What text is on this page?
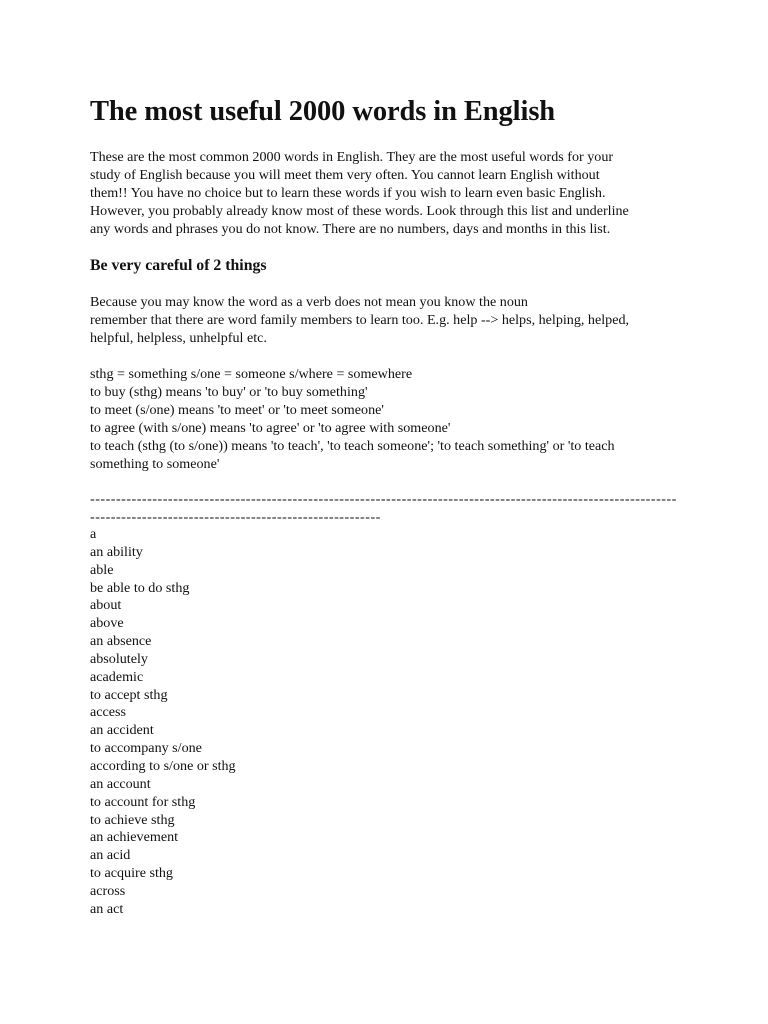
The most useful 2000 words in English
These are the most common 2000 words in English. They are the most useful words for your
study of English because you will meet them very often. You cannot learn English without
them!! You have no choice but to learn these words if you wish to learn even basic English.
However, you probably already know most of these words. Look through this list and underline
any words and phrases you do not know. There are no numbers, days and months in this list.
Be very careful of 2 things
Because you may know the word as a verb does not mean you know the noun
remember that there are word family members to learn too. E.g. help --> helps, helping, helped,
helpful, helpless, unhelpful etc.
sthg = something s/one = someone s/where = somewhere
to buy (sthg) means 'to buy' or 'to buy something'
to meet (s/one) means 'to meet' or 'to meet someone'
to agree (with s/one) means 'to agree' or 'to agree with someone'
to teach (sthg (to s/one)) means 'to teach', 'to teach someone'; 'to teach something' or 'to teach
something to someone'
-------------------------------------------------------------------------------------------------------------------------------------------------------------------------
a
an ability
able
be able to do sthg
about
above
an absence
absolutely
academic
to accept sthg
access
an accident
to accompany s/one
according to s/one or sthg
an account
to account for sthg
to achieve sthg
an achievement
an acid
to acquire sthg
across
an act
